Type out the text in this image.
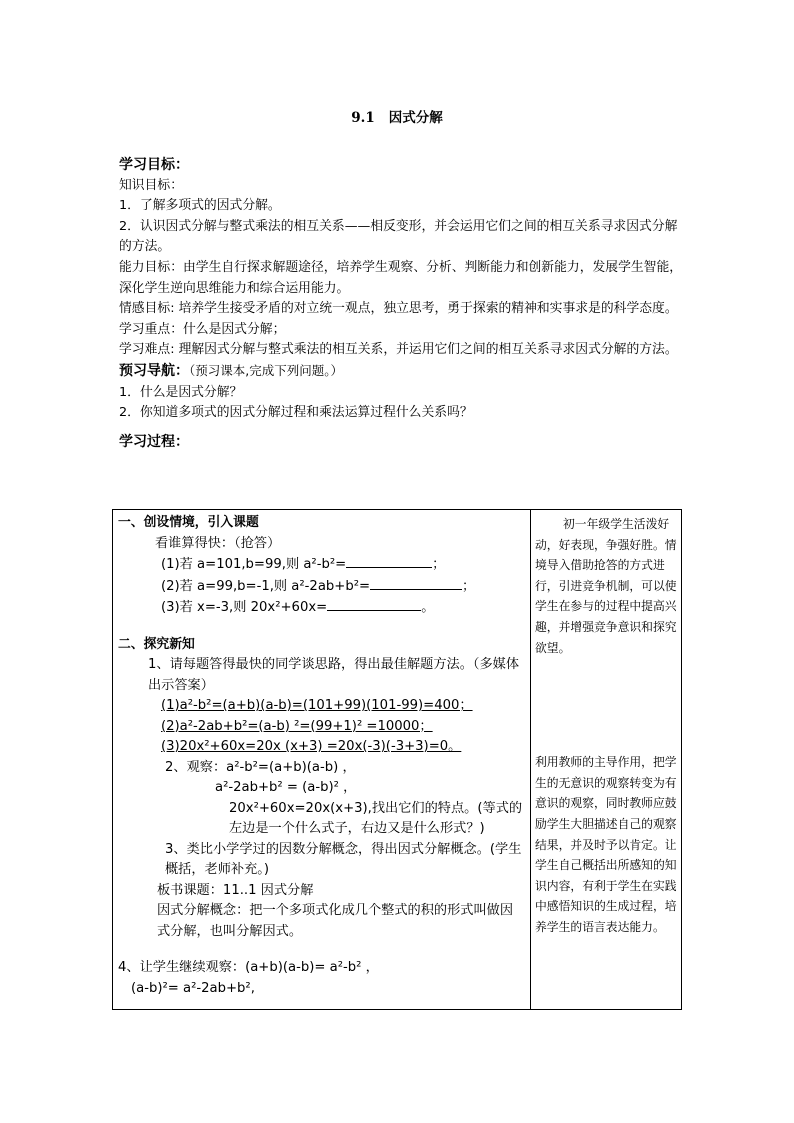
9.1 因式分解
学习目标：
知识目标：
1．了解多项式的因式分解。
2．认识因式分解与整式乘法的相互关系——相反变形，并会运用它们之间的相互关系寻求因式分解的方法。
能力目标：由学生自行探求解题途径，培养学生观察、分析、判断能力和创新能力，发展学生智能，深化学生逆向思维能力和综合运用能力。
情感目标: 培养学生接受矛盾的对立统一观点，独立思考，勇于探索的精神和实事求是的科学态度。
学习重点：什么是因式分解；
学习难点: 理解因式分解与整式乘法的相互关系，并运用它们之间的相互关系寻求因式分解的方法。
预习导航：（预习课本,完成下列问题。）
1．什么是因式分解？
2．你知道多项式的因式分解过程和乘法运算过程什么关系吗？
学习过程：
一、创设情境，引入课题
看谁算得快：（抢答）
(1)若 a=101,b=99,则 a²-b²=	；
(2)若 a=99,b=-1,则 a²-2ab+b²=	；
(3)若 x=-3,则 20x²+60x=	。
二、探究新知
1、请每题答得最快的同学谈思路，得出最佳解题方法。（多媒体出示答案）
(1)a²-b²=(a+b)(a-b)=(101+99)(101-99)=400；
(2)a²-2ab+b²=(a-b) ²=(99+1)² =10000；
(3)20x²+60x=20x (x+3) =20x(-3)(-3+3)=0。
2、观察：a²-b²=(a+b)(a-b) ，
a²-2ab+b² = (a-b)² ，
20x²+60x=20x(x+3),找出它们的特点。(等式的左边是一个什么式子，右边又是什么形式？)
3、类比小学学过的因数分解概念，得出因式分解概念。(学生概括，老师补充。)
板书课题：11..1 因式分解
因式分解概念：把一个多项式化成几个整式的积的形式叫做因式分解，也叫分解因式。
4、让学生继续观察：(a+b)(a-b)= a²-b² ，
(a-b)²= a²-2ab+b²,

初一年级学生活泼好动，好表现，争强好胜。情境导入借助抢答的方式进行，引进竞争机制，可以使学生在参与的过程中提高兴趣，并增强竞争意识和探究欲望。
利用教师的主导作用，把学生的无意识的观察转变为有意识的观察，同时教师应鼓励学生大胆描述自己的观察结果，并及时予以肯定。让学生自己概括出所感知的知识内容，有利于学生在实践中感悟知识的生成过程，培养学生的语言表达能力。
